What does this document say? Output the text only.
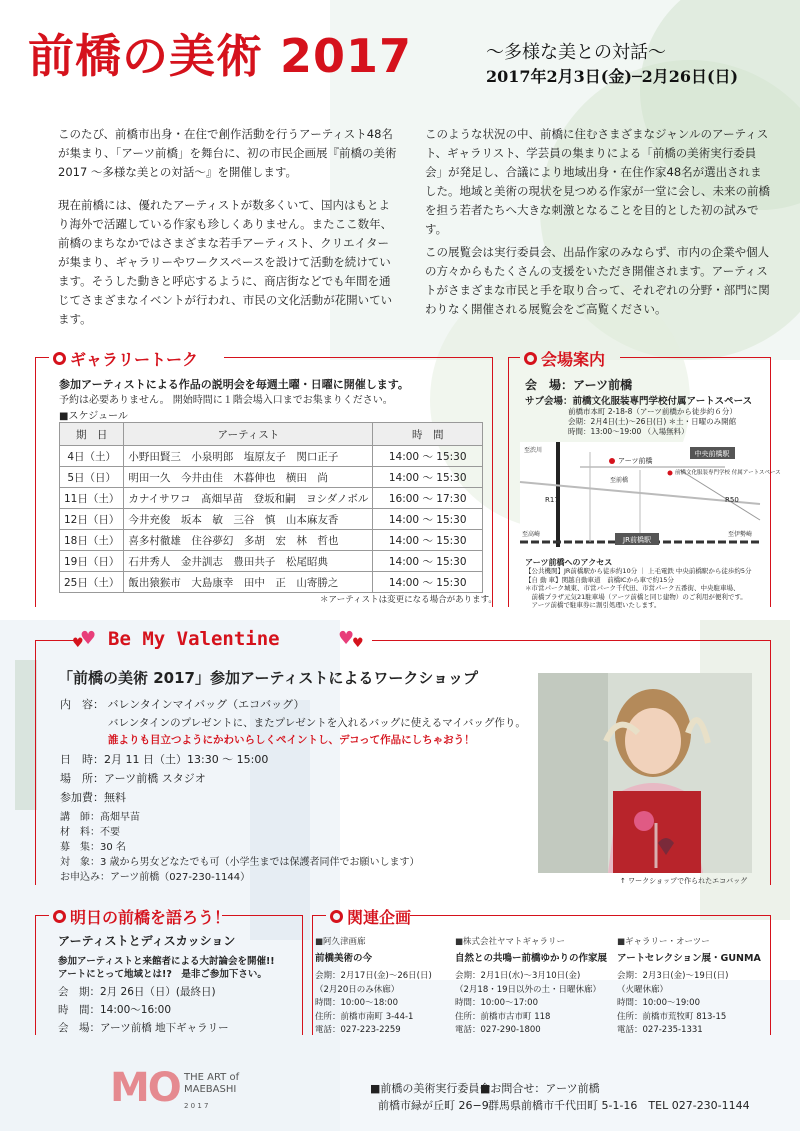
前橋の美術 2017	〜多様な美との対話〜
2017年2月3日(金)─2月26日(日)

このたび、前橋市出身・在住で創作活動を行うアーティスト48名が集まり、「アーツ前橋」を舞台に、初の市民企画展『前橋の美術 2017 〜多様な美との対話〜』を開催します。

現在前橋には、優れたアーティストが数多くいて、国内はもとより海外で活躍している作家も珍しくありません。またここ数年、前橋のまちなかではさまざまな若手アーティスト、クリエイターが集まり、ギャラリーやワークスペースを設けて活動を続けています。そうした動きと呼応するように、商店街などでも年間を通じてさまざまなイベントが行われ、市民の文化活動が花開いています。

このような状況の中、前橋に住むさまざまなジャンルのアーティスト、ギャラリスト、学芸員の集まりによる「前橋の美術実行委員会」が発足し、合議により地域出身・在住作家48名が選出されました。地域と美術の現状を見つめる作家が一堂に会し、未来の前橋を担う若者たちへ大きな刺激となることを目的とした初の試みです。

この展覧会は実行委員会、出品作家のみならず、市内の企業や個人の方々からもたくさんの支援をいただき開催されます。アーティストがさまざまな市民と手を取り合って、それぞれの分野・部門に関わりなく開催される展覧会をご高覧ください。

ギャラリートーク
参加アーティストによる作品の説明会を毎週土曜・日曜に開催します。
予約は必要ありません。 開始時間に１階会場入口までお集まりください。
■スケジュール
期　日	アーティスト	時　間
4日（土）	小野田賢三　小泉明郎　塩原友子　関口正子	14:00 〜 15:30
5日（日）	明田一久　今井由佳　木暮伸也　横田　尚	14:00 〜 15:30
11日（土）	カナイサワコ　髙畑早苗　登坂和嗣　ヨシダノボル	16:00 〜 17:30
12日（日）	今井充俊　坂本　敏　三谷　慎　山本麻友香	14:00 〜 15:30
18日（土）	喜多村徹雄　住谷夢幻　多胡　宏　林　哲也	14:00 〜 15:30
19日（日）	石井秀人　金井訓志　豊田共子　松尾昭典	14:00 〜 15:30
25日（土）	飯出猿猴市　大島康幸　田中　正　山寄勝之	14:00 〜 15:30
＊アーティストは変更になる場合があります。
会場案内
会　場：アーツ前橋
サブ会場：前橋文化服装専門学校付属アートスペース
前橋市本町 2-18-8（アーツ前橋から徒歩約６分）
会期：2月4日(土)〜26日(日) ＊土・日曜のみ開館
時間：13:00〜19:00 （入場無料）
中央前橋駅
アーツ前橋
前橋文化服装専門学校 付属アートスペース
JR前橋駅
R17	R50
至渋川
至高崎	至伊勢崎
至前橋
アーツ前橋へのアクセス
【公共機関】JR前橋駅から徒歩約10分 ｜ 上毛電鉄 中央前橋駅から徒歩約5分
【自 動 車】関越自動車道　前橋ICから車で約15分
＊市営パーク城東、市営パーク千代田、市営パーク五番街、中央駐車場、
　前橋プラザ元気21駐車場（アーツ前橋と同じ建物）のご利用が便利です。
　アーツ前橋で駐車券に割引処理いたします。
♥
♥ Be My Valentine	♥
♥
「前橋の美術 2017」参加アーティストによるワークショップ
内　容： バレンタインマイバッグ（エコバッグ）
バレンタインのプレゼントに、またプレゼントを入れるバッグに使えるマイバッグ作り。
誰よりも目立つようにかわいらしくペイントし、デコって作品にしちゃおう！
日　時：2月 11 日（土）13:30 〜 15:00
場　所：アーツ前橋 スタジオ
参加費：無料
講　師：髙畑早苗
材　料：不要
募　集：30 名
対　象：3 歳から男女どなたでも可（小学生までは保護者同伴でお願いします）
お申込み：アーツ前橋（027-230-1144）	↑ ワークショップで作られたエコバッグ
明日の前橋を語ろう！
アーティストとディスカッション
参加アーティストと来館者による大討論会を開催!!
アートにとって地域とは!?　是非ご参加下さい。
会　期：2月 26日（日）(最終日)
時　間：14:00〜16:00
会　場：アーツ前橋 地下ギャラリー
関連企画
■阿久津画廊
前橋美術の今
会期：2月17日(金)〜26日(日)
（2月20日のみ休廊）
時間：10:00〜18:00
住所：前橋市南町 3-44-1
電話：027-223-2259
■株式会社ヤマトギャラリー
自然との共鳴ー前橋ゆかりの作家展
会期：2月1日(水)〜3月10日(金)
（2月18・19日以外の土・日曜休廊）
時間：10:00〜17:00
住所：前橋市古市町 118
電話：027-290-1800
■ギャラリー・オーツー
アートセレクション展・GUNMA
会期：2月3日(金)〜19日(日)
（火曜休廊）
時間：10:00〜19:00
住所：前橋市荒牧町 813-15
電話：027-235-1331
MO THE ART of
MAEBASHI
2 0 1 7
■前橋の美術実行委員会
前橋市緑が丘町 26−9
■お問合せ：アーツ前橋
群馬県前橋市千代田町 5-1-16　TEL 027-230-1144
